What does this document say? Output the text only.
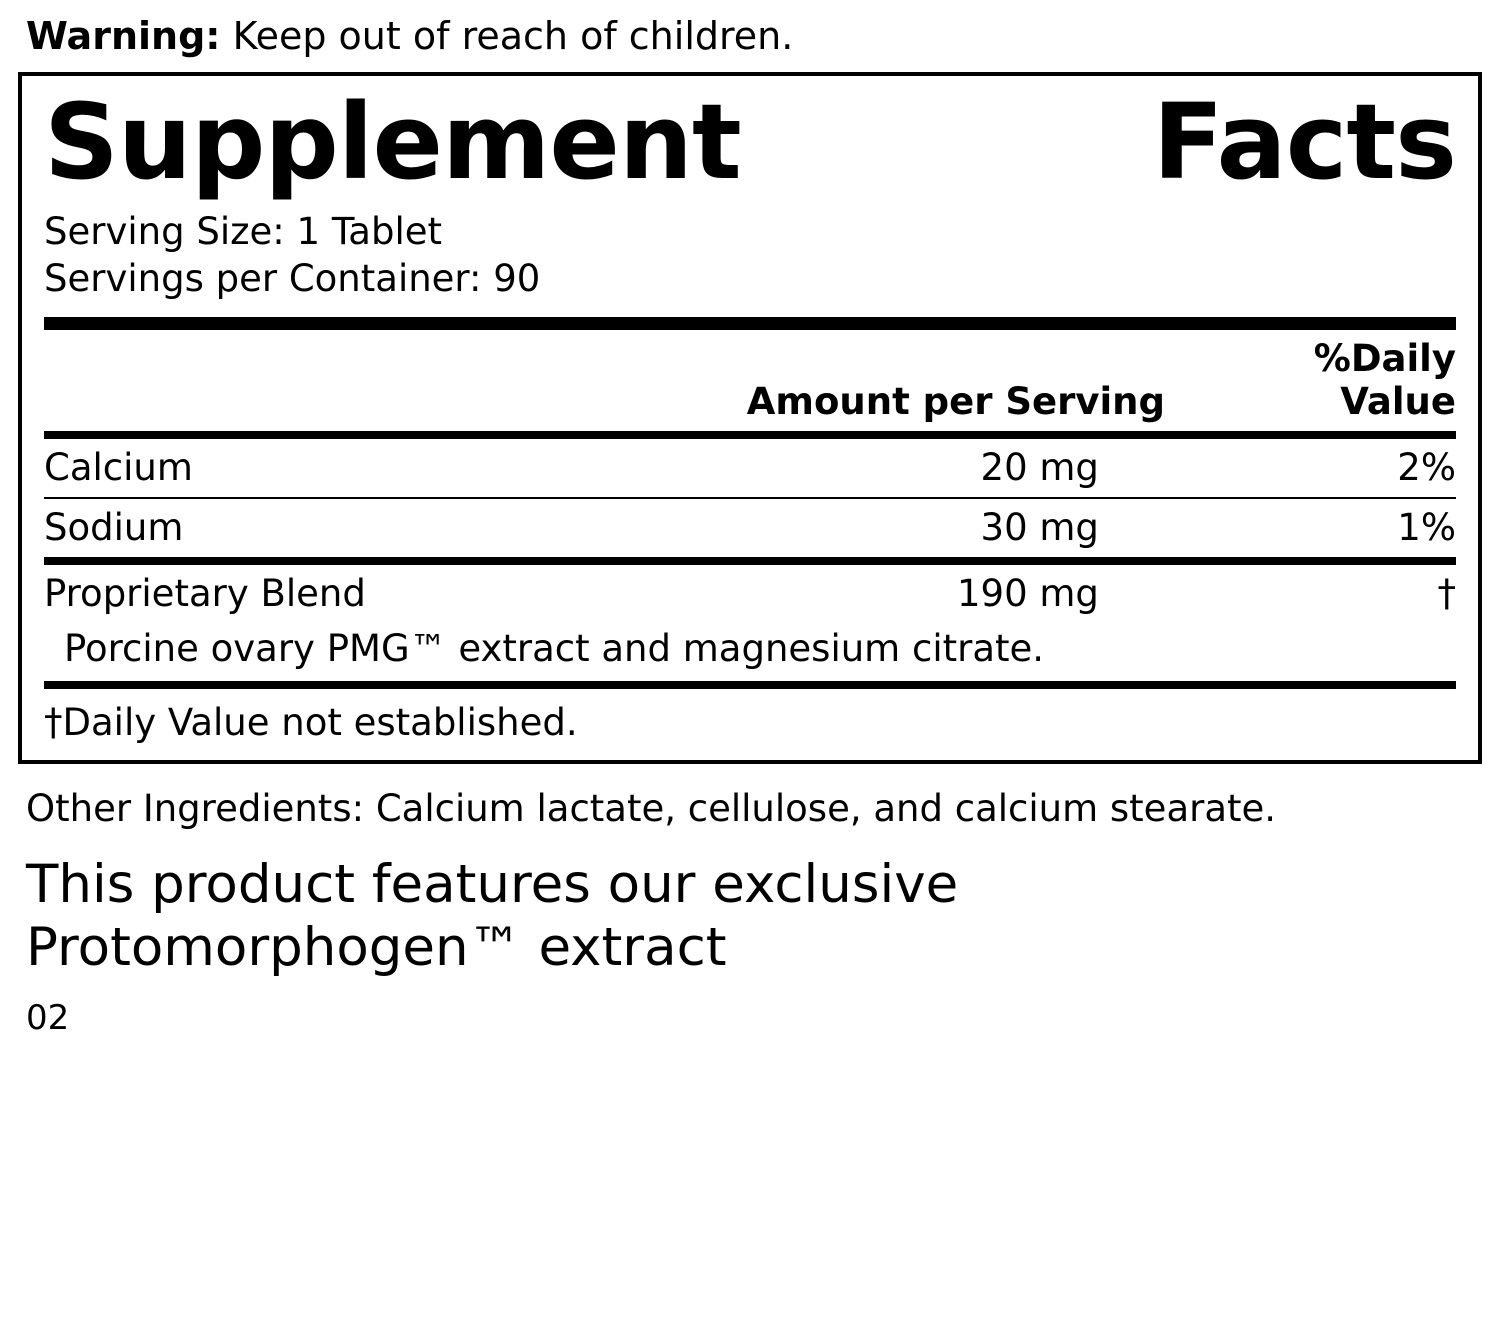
Warning: Keep out of reach of children.
Supplement	Facts
Serving Size: 1 Tablet
Servings per Container: 90
	Amount per Serving	%Daily Value
Calcium	20 mg	2%
Sodium	30 mg	1%
Proprietary Blend	190 mg	†
Porcine ovary PMG™ extract and magnesium citrate.
†Daily Value not established.
Other Ingredients: Calcium lactate, cellulose, and calcium stearate.
This product features our exclusive
Protomorphogen™ extract
02
